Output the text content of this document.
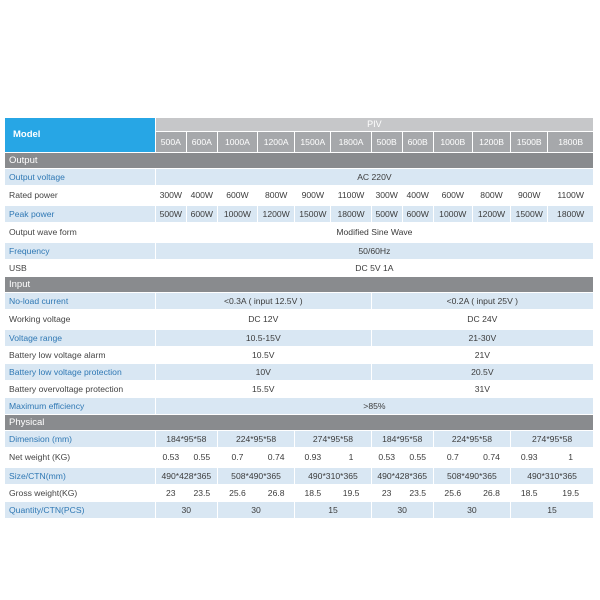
Model	PIV											
	500A	600A	1000A	1200A	1500A	1800A	500B	600B	1000B	1200B	1500B	1800B
Output												
Output voltage	AC 220V											
Rated power	300W	400W	600W	800W	900W	1100W	300W	400W	600W	800W	900W	1100W
Peak power	500W	600W	1000W	1200W	1500W	1800W	500W	600W	1000W	1200W	1500W	1800W
Output wave form	Modified Sine Wave											
Frequency	50/60Hz											
USB	DC 5V 1A											
Input												
No-load current	<0.3A ( input 12.5V )						<0.2A ( input 25V )					
Working voltage	DC 12V						DC 24V					
Voltage range	10.5-15V						21-30V					
Battery low voltage alarm	10.5V						21V					
Battery low voltage protection	10V						20.5V					
Battery overvoltage protection	15.5V						31V					
Maximum efficiency	>85%											
Physical												
Dimension (mm)	184*95*58		224*95*58		274*95*58		184*95*58		224*95*58		274*95*58	
Net weight (KG)	0.53	0.55	0.7	0.74	0.93	1	0.53	0.55	0.7	0.74	0.93	1
Size/CTN(mm)	490*428*365		508*490*365		490*310*365		490*428*365		508*490*365		490*310*365	
Gross weight(KG)	23	23.5	25.6	26.8	18.5	19.5	23	23.5	25.6	26.8	18.5	19.5
Quantity/CTN(PCS)	30		30		15		30		30		15	
